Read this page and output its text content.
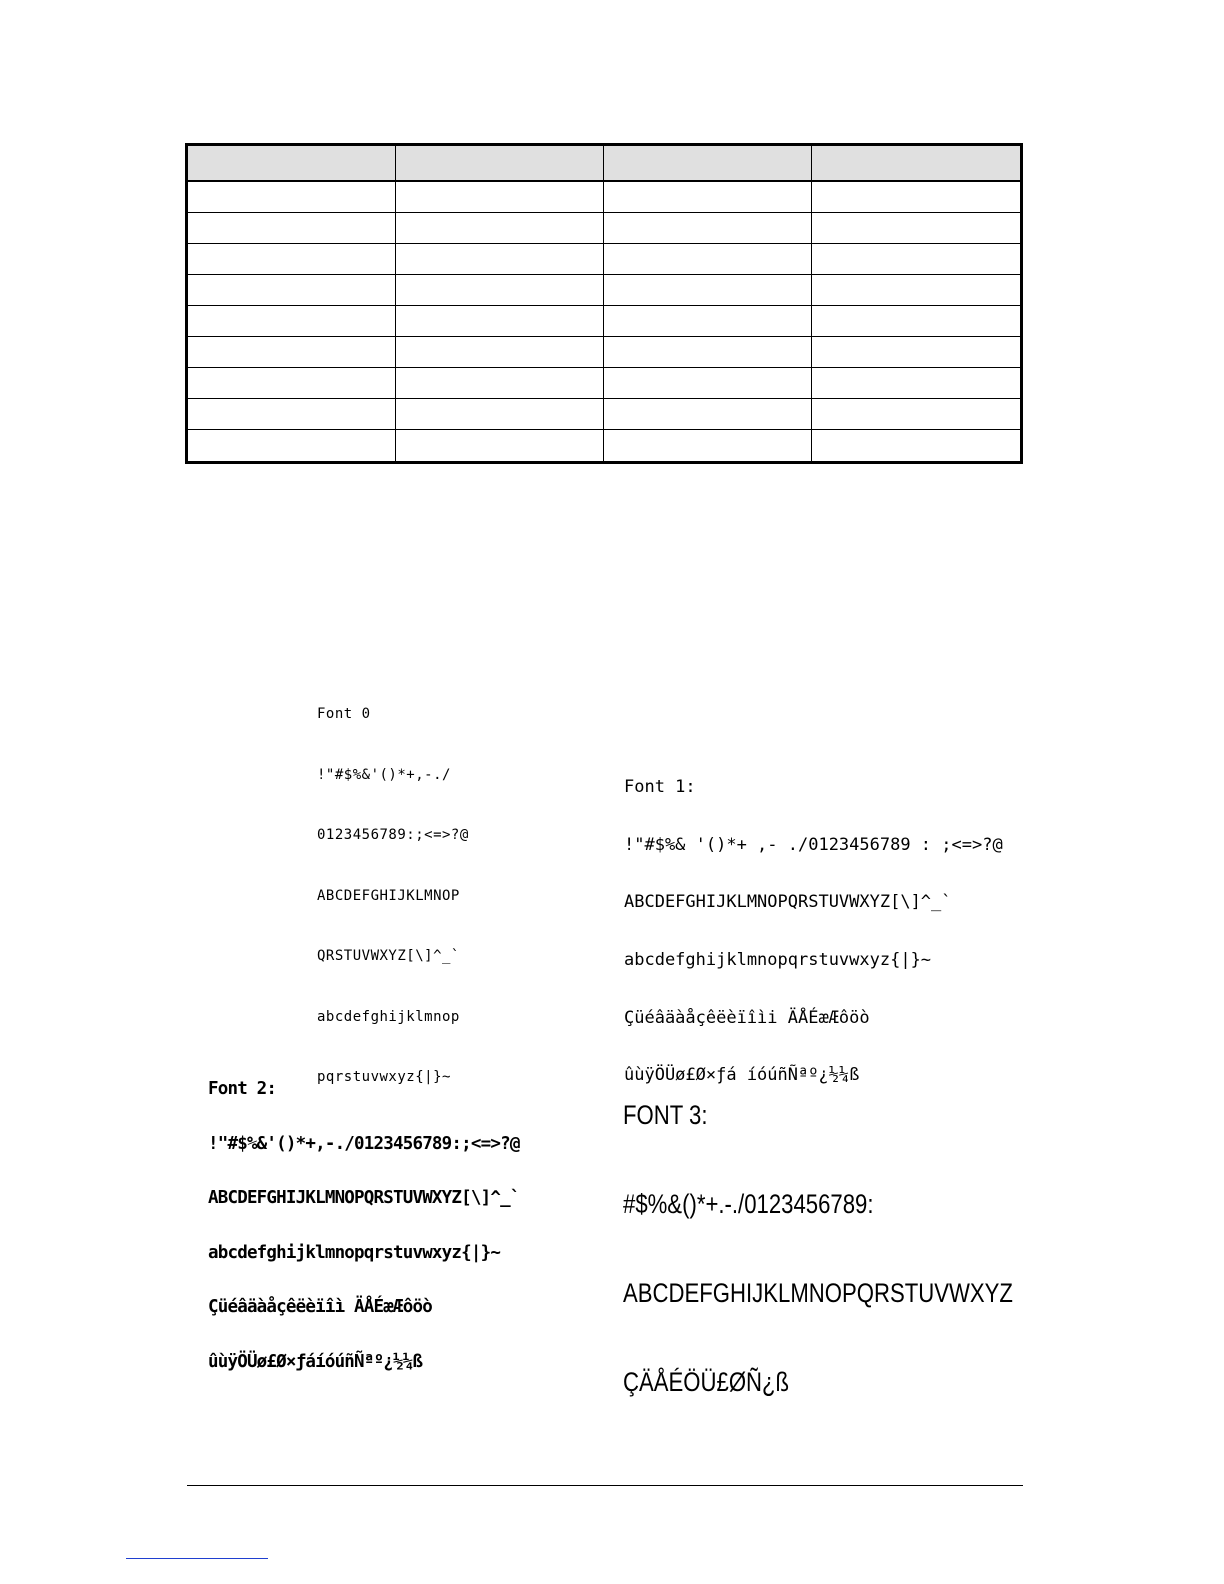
Font 0

!"#$%&'()*+,-./

0123456789:;<=>?@

ABCDEFGHIJKLMNOP

QRSTUVWXYZ[\]^_`

abcdefghijklmnop

pqrstuvwxyz{|}~

Font 1:

!"#$%& '()*+ ,- ./0123456789 : ;<=>?@

ABCDEFGHIJKLMNOPQRSTUVWXYZ[\]^_`

abcdefghijklmnopqrstuvwxyz{|}~

Çüéâäàåçêëèïîìi ÄÅÉæÆôöò

ûùÿÖÜø£Ø×ƒá íóúñÑªº¿½¼ß

Font 2:

!"#$%&'()*+,-./0123456789:;<=>?@

ABCDEFGHIJKLMNOPQRSTUVWXYZ[\]^_`

abcdefghijklmnopqrstuvwxyz{|}~

Çüéâäàåçêëèïîì ÄÅÉæÆôöò

ûùÿÖÜø£Ø×ƒáíóúñÑªº¿½¼ß

FONT 3:

#$%&()*+.-./0123456789:

ABCDEFGHIJKLMNOPQRSTUVWXYZ

ÇÄÅÉÖÜ£ØÑ¿ß
